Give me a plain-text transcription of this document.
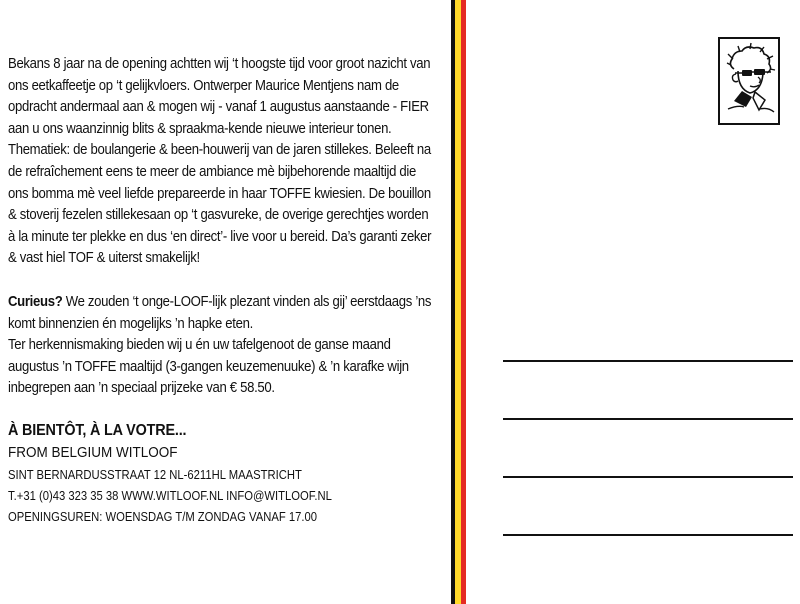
Bekans 8 jaar na de opening achtten wij ‘t hoogste tijd voor groot nazicht van ons eetkaffeetje op ‘t gelijkvloers. Ontwerper Maurice Mentjens nam de opdracht andermaal aan & mogen wij - vanaf 1 augustus aanstaande - FIER aan u ons waanzinnig blits & spraakma-kende nieuwe interieur tonen. Thematiek: de boulangerie & been-houwerij van de jaren stillekes. Beleeft na de refraîchement eens te meer de ambiance mè bijbehorende maaltijd die ons bomma mè veel liefde prepareerde in haar TOFFE kwiesien. De bouillon & stoverij fezelen stillekesaan op ‘t gasvureke, de overige gerechtjes worden à la minute ter plekke en dus ‘en direct’- live voor u bereid. Da’s garanti zeker & vast hiel TOF & uiterst smakelijk!

Curieus? We zouden ‘t onge-LOOF-lijk plezant vinden als gij’ eerstdaags ’ns komt binnenzien én mogelijks ’n hapke eten.

Ter herkennismaking bieden wij u én uw tafelgenoot de ganse maand augustus ’n TOFFE maaltijd (3-gangen keuzemenuuke) & ’n karafke wijn inbegrepen aan ’n speciaal prijzeke van € 58.50.

À BIENTÔT, À LA VOTRE...
FROM BELGIUM WITLOOF
SINT BERNARDUSSTRAAT 12 NL-6211HL MAASTRICHT
T.+31 (0)43 323 35 38 WWW.WITLOOF.NL INFO@WITLOOF.NL
OPENINGSUREN: WOENSDAG T/M ZONDAG VANAF 17.00
